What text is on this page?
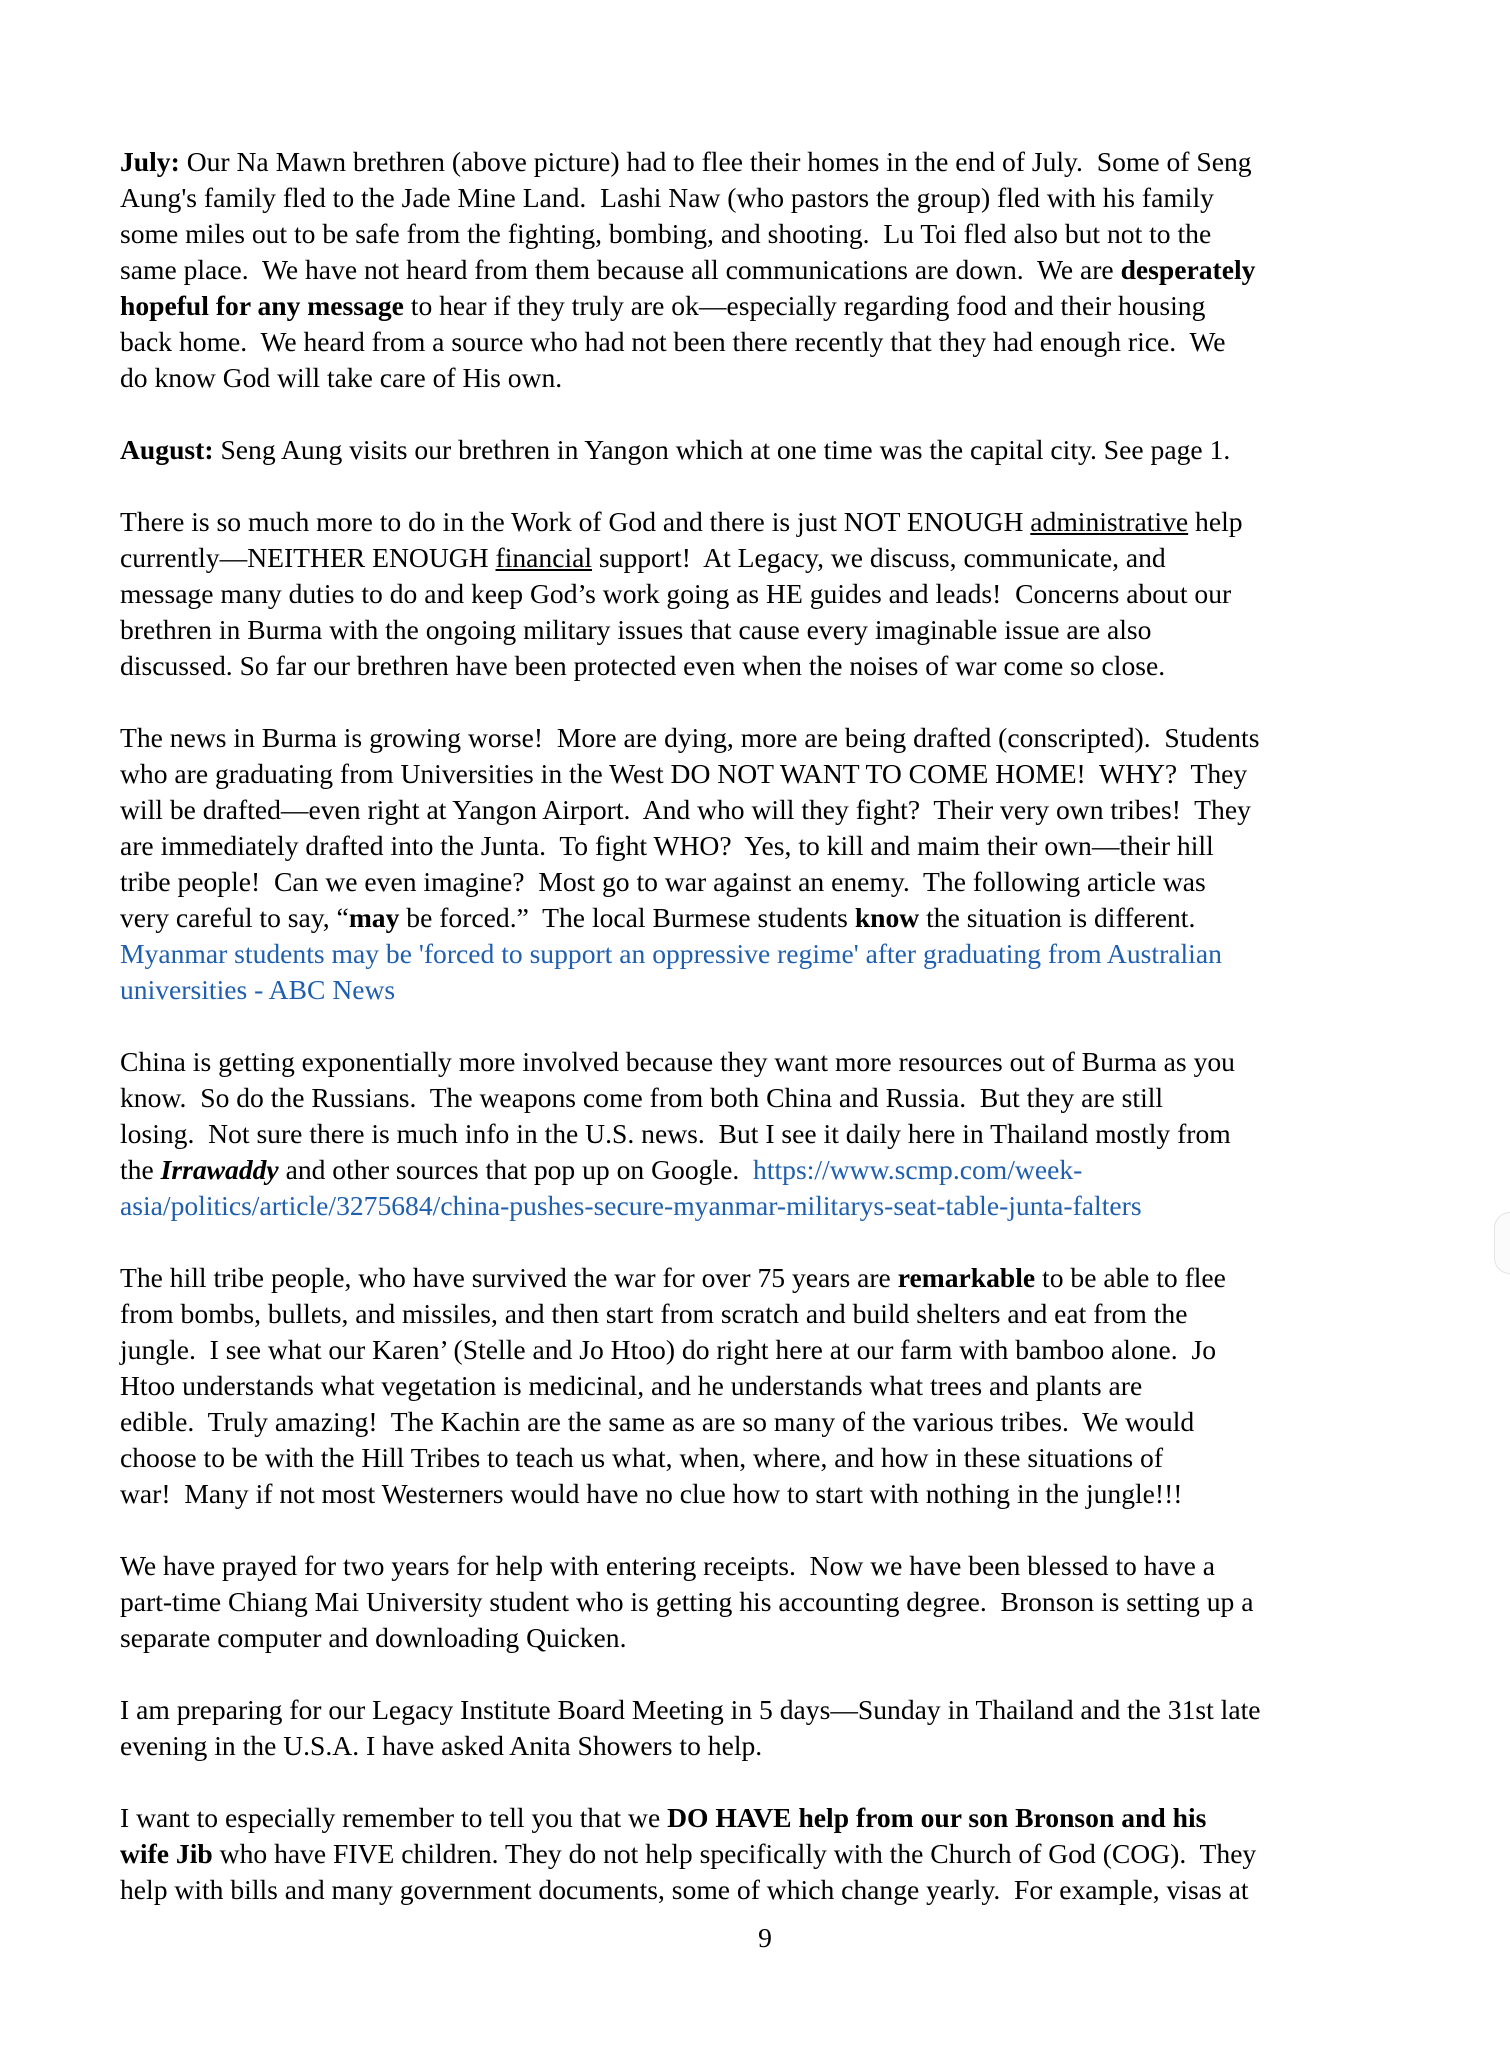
July: Our Na Mawn brethren (above picture) had to flee their homes in the end of July.  Some of Seng
Aung's family fled to the Jade Mine Land.  Lashi Naw (who pastors the group) fled with his family
some miles out to be safe from the fighting, bombing, and shooting.  Lu Toi fled also but not to the
same place.  We have not heard from them because all communications are down.  We are desperately
hopeful for any message to hear if they truly are ok—especially regarding food and their housing
back home.  We heard from a source who had not been there recently that they had enough rice.  We
do know God will take care of His own.
August: Seng Aung visits our brethren in Yangon which at one time was the capital city. See page 1.
There is so much more to do in the Work of God and there is just NOT ENOUGH administrative help
currently—NEITHER ENOUGH financial support!  At Legacy, we discuss, communicate, and
message many duties to do and keep God’s work going as HE guides and leads!  Concerns about our
brethren in Burma with the ongoing military issues that cause every imaginable issue are also
discussed. So far our brethren have been protected even when the noises of war come so close.
The news in Burma is growing worse!  More are dying, more are being drafted (conscripted).  Students
who are graduating from Universities in the West DO NOT WANT TO COME HOME!  WHY?  They
will be drafted—even right at Yangon Airport.  And who will they fight?  Their very own tribes!  They
are immediately drafted into the Junta.  To fight WHO?  Yes, to kill and maim their own—their hill
tribe people!  Can we even imagine?  Most go to war against an enemy.  The following article was
very careful to say, “may be forced.”  The local Burmese students know the situation is different.
Myanmar students may be 'forced to support an oppressive regime' after graduating from Australian
universities - ABC News
China is getting exponentially more involved because they want more resources out of Burma as you
know.  So do the Russians.  The weapons come from both China and Russia.  But they are still
losing.  Not sure there is much info in the U.S. news.  But I see it daily here in Thailand mostly from
the Irrawaddy and other sources that pop up on Google.  https://www.scmp.com/week-
asia/politics/article/3275684/china-pushes-secure-myanmar-militarys-seat-table-junta-falters
The hill tribe people, who have survived the war for over 75 years are remarkable to be able to flee
from bombs, bullets, and missiles, and then start from scratch and build shelters and eat from the
jungle.  I see what our Karen’ (Stelle and Jo Htoo) do right here at our farm with bamboo alone.  Jo
Htoo understands what vegetation is medicinal, and he understands what trees and plants are
edible.  Truly amazing!  The Kachin are the same as are so many of the various tribes.  We would
choose to be with the Hill Tribes to teach us what, when, where, and how in these situations of
war!  Many if not most Westerners would have no clue how to start with nothing in the jungle!!!
We have prayed for two years for help with entering receipts.  Now we have been blessed to have a
part-time Chiang Mai University student who is getting his accounting degree.  Bronson is setting up a
separate computer and downloading Quicken.
I am preparing for our Legacy Institute Board Meeting in 5 days—Sunday in Thailand and the 31st late
evening in the U.S.A. I have asked Anita Showers to help.
I want to especially remember to tell you that we DO HAVE help from our son Bronson and his
wife Jib who have FIVE children. They do not help specifically with the Church of God (COG).  They
help with bills and many government documents, some of which change yearly.  For example, visas at
9
